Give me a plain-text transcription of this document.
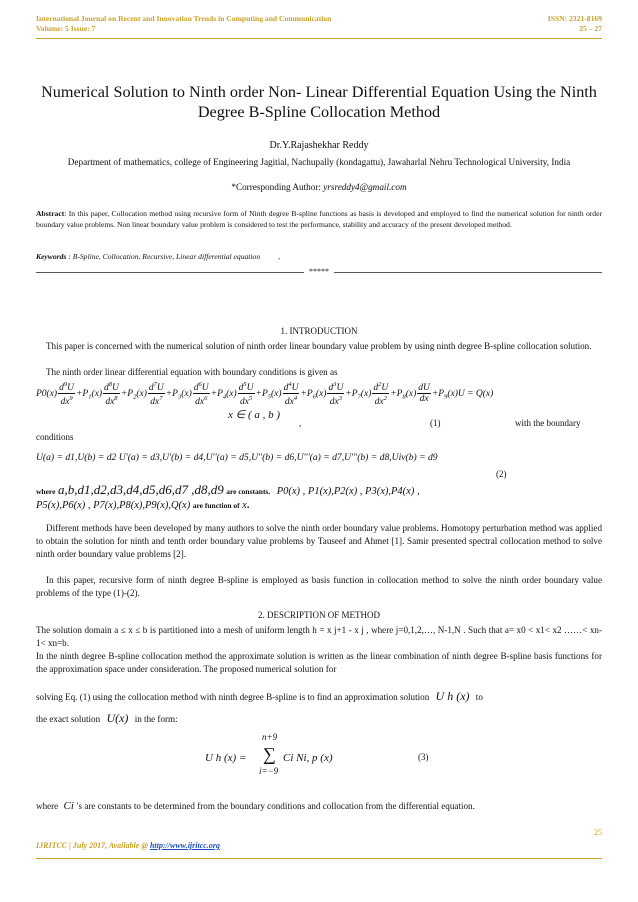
International Journal on Recent and Innovation Trends in Computing and Communication
Volume: 5 Issue: 7
ISSN: 2321-8169
25 – 27
Numerical Solution to Ninth order Non- Linear Differential Equation Using the Ninth Degree B-Spline Collocation Method
Dr.Y.Rajashekhar Reddy
Department of mathematics, college of Engineering Jagitial, Nachupally (kondagattu), Jawaharlal Nehru Technological University, India
*Corresponding Author: yrsreddy4@gmail.com
Abstract: In this paper, Collocation method using recursive form of Ninth degree B-spline functions as basis is developed and employed to find the numerical solution for ninth order boundary value problems. Non linear boundary value problem is considered to test the performance, stability and accuracy of the present developed method.
Keywords : B-Spline, Collocation, Recursive, Linear differential equation ,
*****
1. INTRODUCTION
This paper is concerned with the numerical solution of ninth order linear boundary value problem by using ninth degree B-spline collocation solution.
The ninth order linear differential equation with boundary conditions is given as
$P0(x) \frac{d^9U}{dx^9} +P_1(x) \frac{d^8U}{dx^8} +P_2(x) \frac{d^7U}{dx^7} +P_3(x) \frac{d^6U}{dx^6} +P_4(x) \frac{d^5U}{dx^5} +P_5(x) \frac{d^4U}{dx^4} +P_6(x) \frac{d^3U}{dx^3} +P_7(x) \frac{d^2U}{dx^2} +P_8(x) \frac{dU}{dx} +P_9(x)U = Q(x)$
x ∈ ( a , b )
,	(1)	with the boundary
conditions
U(a) = d1,U(b) = d2 U'(a) = d3,U'(b) = d4,U''(a) = d5,U''(b) = d6,U'''(a) = d7,U'''(b) = d8,Uiv(b) = d9
(2)
where a,b,d1,d2,d3,d4,d5,d6,d7 ,d8,d9 are constants. P0(x) , P1(x),P2(x) , P3(x),P4(x) ,
P5(x),P6(x) , P7(x),P8(x),P9(x),Q(x) are function of x.
Different methods have been developed by many authors to solve the ninth order boundary value problems. Homotopy perturbation method was applied to obtain the solution for ninth and tenth order boundary value problems by Tauseef and Ahmet [1]. Samir presented spectral collocation method to solve ninth order boundary value problems [2].
In this paper, recursive form of ninth degree B-spline is employed as basis function in collocation method to solve the ninth order boundary value problems of the type (1)-(2).
2. DESCRIPTION OF METHOD
The solution domain a ≤ x ≤ b is partitioned into a mesh of uniform length h = x j+1 - x j , where j=0,1,2,…, N-1,N . Such that a= x0 < x1< x2 ……< xn-1< xn=b.
In the ninth degree B-spline collocation method the approximate solution is written as the linear combination of ninth degree B-spline basis functions for the approximation space under consideration. The proposed numerical solution for
solving Eq. (1) using the collocation method with ninth degree B-spline is to find an approximation solution U h (x) to
the exact solution U(x) in the form:
U h (x) =
n+9
∑
i=−9
Ci Ni, p (x)	(3)
where Ci 's are constants to be determined from the boundary conditions and collocation from the differential equation.
25
IJRITCC | July 2017, Available @ http://www.ijritcc.org
